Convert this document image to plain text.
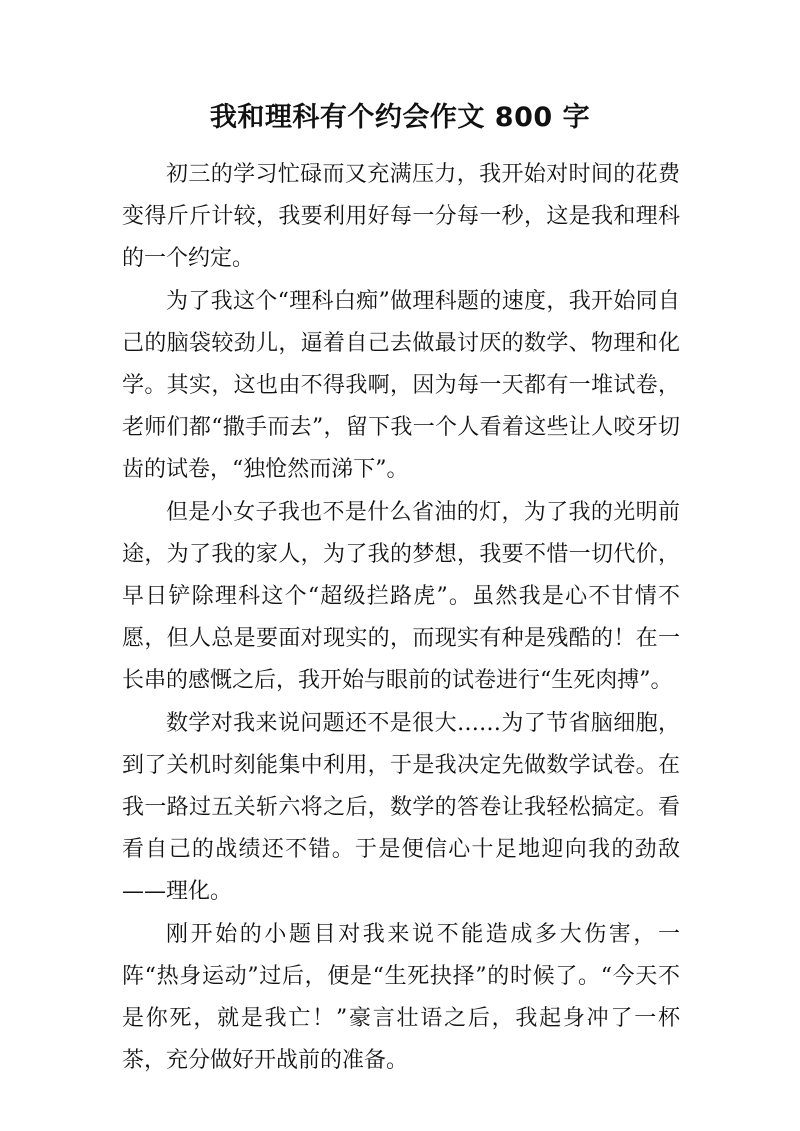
我和理科有个约会作文 800 字

初三的学习忙碌而又充满压力，我开始对时间的花费变得斤斤计较，我要利用好每一分每一秒，这是我和理科的一个约定。

为了我这个“理科白痴”做理科题的速度，我开始同自己的脑袋较劲儿，逼着自己去做最讨厌的数学、物理和化学。其实，这也由不得我啊，因为每一天都有一堆试卷，老师们都“撒手而去”，留下我一个人看着这些让人咬牙切齿的试卷，“独怆然而涕下”。

但是小女子我也不是什么省油的灯，为了我的光明前途，为了我的家人，为了我的梦想，我要不惜一切代价，早日铲除理科这个“超级拦路虎”。虽然我是心不甘情不愿，但人总是要面对现实的，而现实有种是残酷的！在一长串的感慨之后，我开始与眼前的试卷进行“生死肉搏”。

数学对我来说问题还不是很大……为了节省脑细胞，到了关机时刻能集中利用，于是我决定先做数学试卷。在我一路过五关斩六将之后，数学的答卷让我轻松搞定。看看自己的战绩还不错。于是便信心十足地迎向我的劲敌——理化。

刚开始的小题目对我来说不能造成多大伤害，一阵“热身运动”过后，便是“生死抉择”的时候了。“今天不是你死，就是我亡！”豪言壮语之后，我起身冲了一杯茶，充分做好开战前的准备。
